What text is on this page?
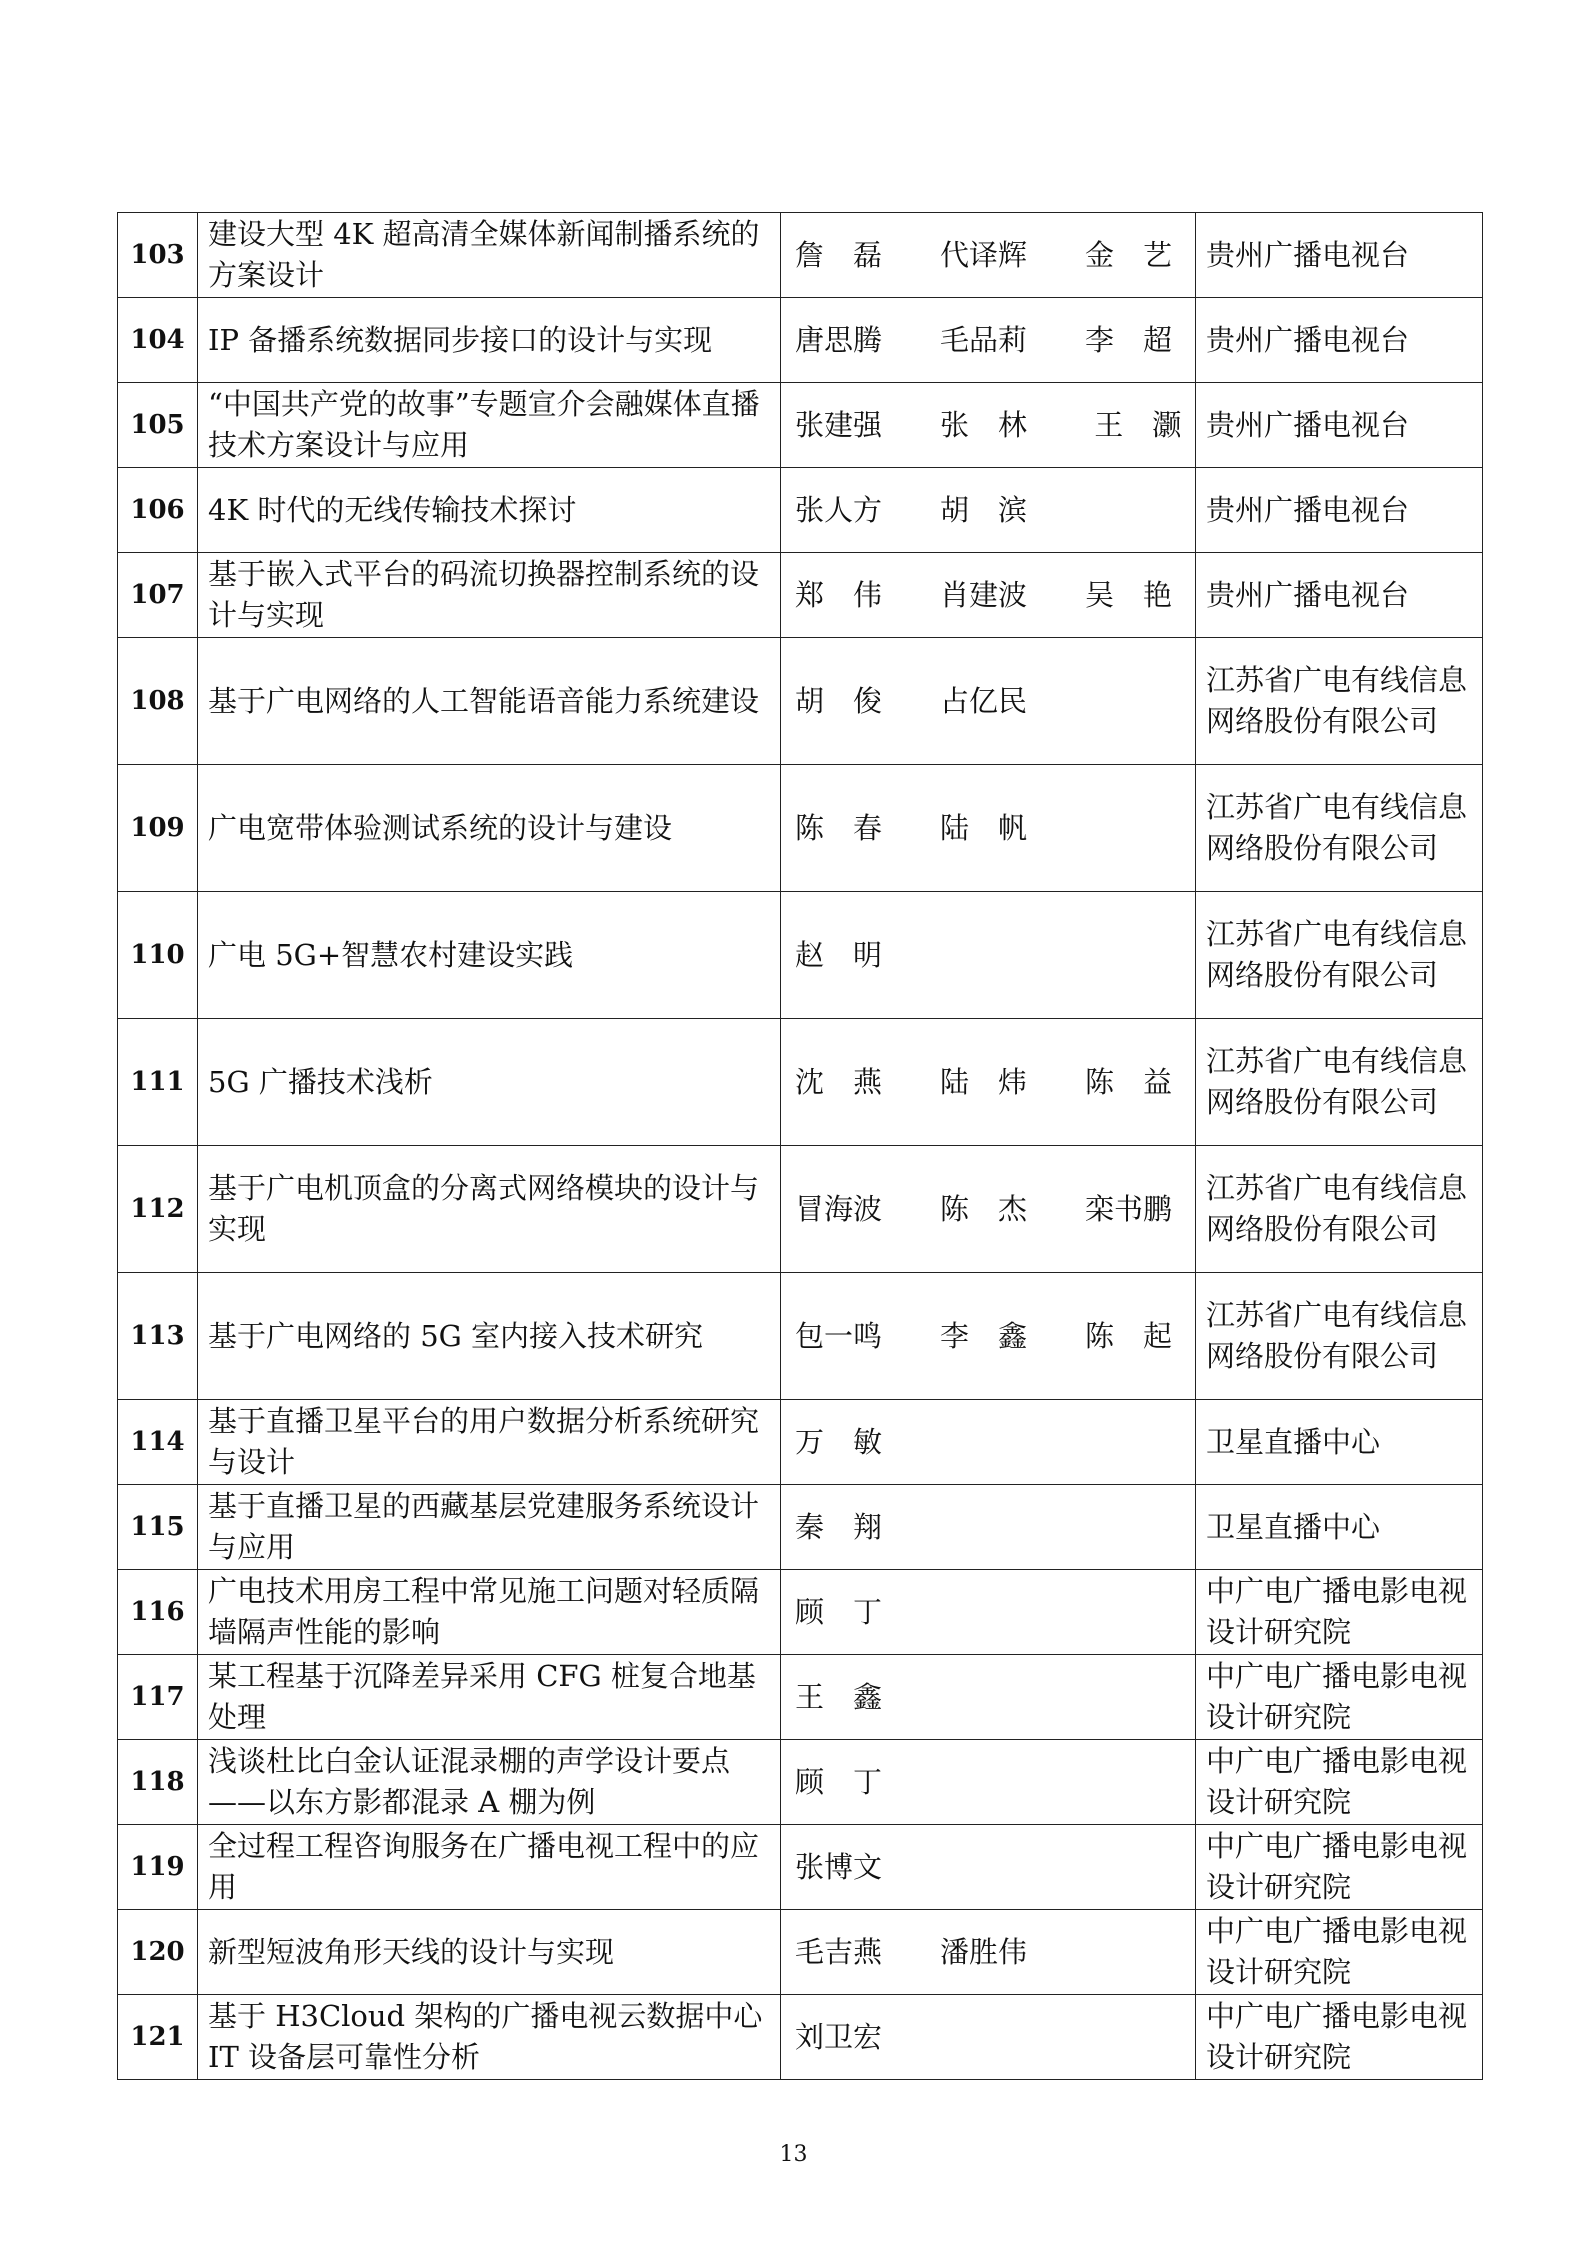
103	建设大型 4K 超高清全媒体新闻制播系统的方案设计	詹　磊　　代译辉　　金　艺	贵州广播电视台
104	IP 备播系统数据同步接口的设计与实现	唐思腾　　毛品莉　　李　超	贵州广播电视台
105	“中国共产党的故事”专题宣介会融媒体直播技术方案设计与应用	张建强　　张　林　　 王　灏	贵州广播电视台
106	4K 时代的无线传输技术探讨	张人方　　胡　滨	贵州广播电视台
107	基于嵌入式平台的码流切换器控制系统的设计与实现	郑　伟　　肖建波　　吴　艳	贵州广播电视台
108	基于广电网络的人工智能语音能力系统建设	胡　俊　　占亿民	江苏省广电有线信息网络股份有限公司
109	广电宽带体验测试系统的设计与建设	陈　春　　陆　帆	江苏省广电有线信息网络股份有限公司
110	广电 5G+智慧农村建设实践	赵　明	江苏省广电有线信息网络股份有限公司
111	5G 广播技术浅析	沈　燕　　陆　炜　　陈　益	江苏省广电有线信息网络股份有限公司
112	基于广电机顶盒的分离式网络模块的设计与实现	冒海波　　陈　杰　　栾书鹏	江苏省广电有线信息网络股份有限公司
113	基于广电网络的 5G 室内接入技术研究	包一鸣　　李　鑫　　陈　起	江苏省广电有线信息网络股份有限公司
114	基于直播卫星平台的用户数据分析系统研究与设计	万　敏	卫星直播中心
115	基于直播卫星的西藏基层党建服务系统设计与应用	秦　翔	卫星直播中心
116	广电技术用房工程中常见施工问题对轻质隔墙隔声性能的影响	顾　丁	中广电广播电影电视设计研究院
117	某工程基于沉降差异采用 CFG 桩复合地基处理	王　鑫	中广电广播电影电视设计研究院
118	浅谈杜比白金认证混录棚的声学设计要点——以东方影都混录 A 棚为例	顾　丁	中广电广播电影电视设计研究院
119	全过程工程咨询服务在广播电视工程中的应用	张博文	中广电广播电影电视设计研究院
120	新型短波角形天线的设计与实现	毛吉燕　　潘胜伟	中广电广播电影电视设计研究院
121	基于 H3Cloud 架构的广播电视云数据中心 IT 设备层可靠性分析	刘卫宏	中广电广播电影电视设计研究院
13
